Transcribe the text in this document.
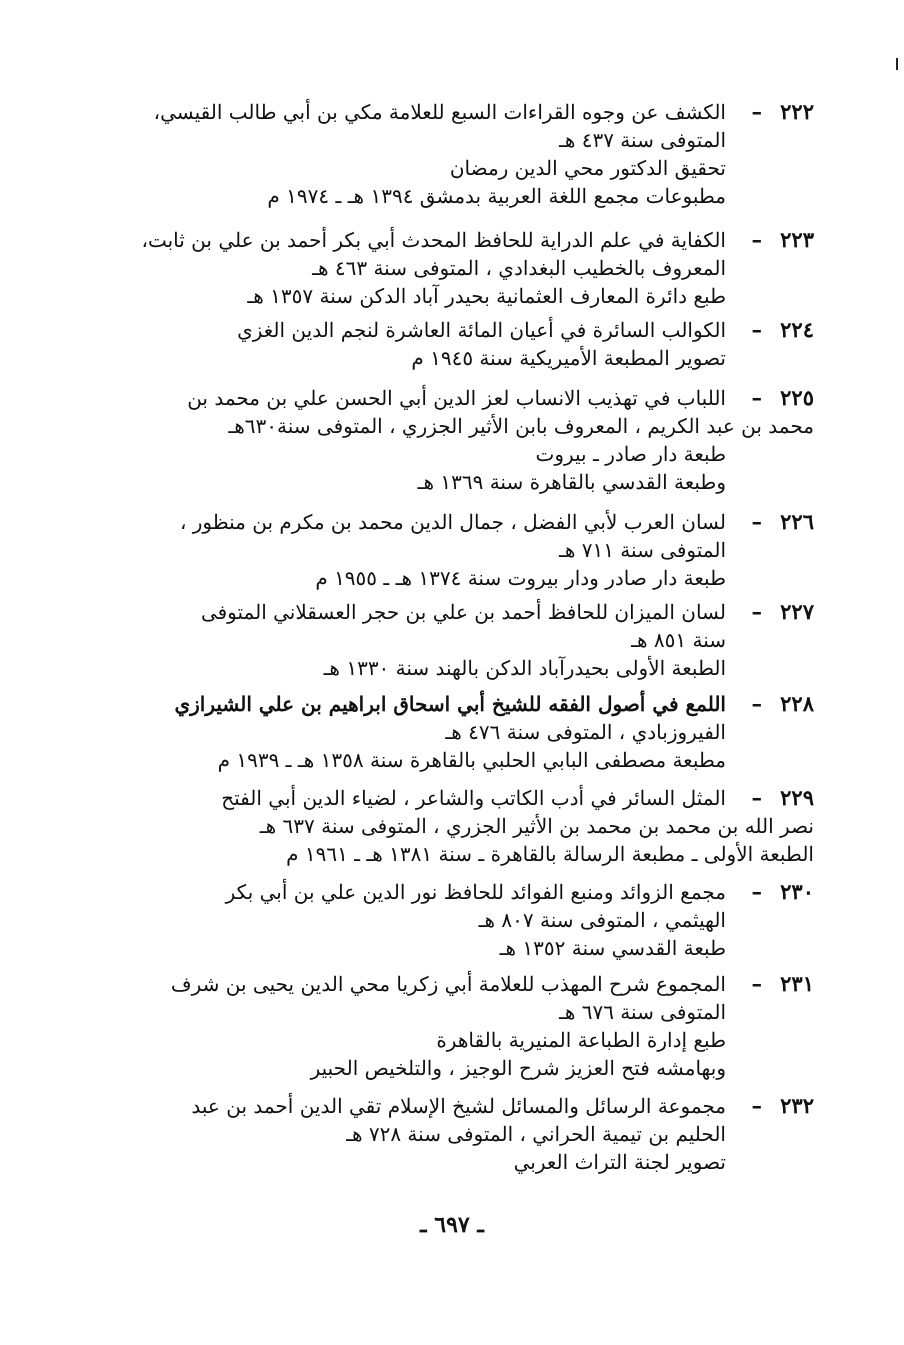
٢٢٢
–
الكشف عن وجوه القراءات السبع للعلامة مكي بن أبي طالب القيسي،
المتوفى سنة ٤٣٧ هـ
تحقيق الدكتور محي الدين رمضان
مطبوعات مجمع اللغة العربية بدمشق ١٣٩٤ هـ ـ ١٩٧٤ م
٢٢٣
–
الكفاية في علم الدراية للحافظ المحدث أبي بكر أحمد بن علي بن ثابت،
المعروف بالخطيب البغدادي ، المتوفى سنة ٤٦٣ هـ
طبع دائرة المعارف العثمانية بحيدر آباد الدكن سنة ١٣٥٧ هـ
٢٢٤
–
الكوالب السائرة في أعيان المائة العاشرة لنجم الدين الغزي
تصوير المطبعة الأميريكية سنة ١٩٤٥ م
٢٢٥
–
اللباب في تهذيب الانساب لعز الدين أبي الحسن علي بن محمد بن
محمد بن عبد الكريم ، المعروف بابن الأثير الجزري ، المتوفى سنة٦٣٠هـ
طبعة دار صادر ـ بيروت
وطبعة القدسي بالقاهرة سنة ١٣٦٩ هـ
٢٢٦
–
لسان العرب لأبي الفضل ، جمال الدين محمد بن مكرم بن منظور ،
المتوفى سنة ٧١١ هـ
طبعة دار صادر ودار بيروت سنة ١٣٧٤ هـ ـ ١٩٥٥ م
٢٢٧
–
لسان الميزان للحافظ أحمد بن علي بن حجر العسقلاني المتوفى
سنة ٨٥١ هـ
الطبعة الأولى بحيدرآباد الدكن بالهند سنة ١٣٣٠ هـ
٢٢٨
–
اللمع في أصول الفقه للشيخ أبي اسحاق ابراهيم بن علي الشيرازي
الفيروزبادي ، المتوفى سنة ٤٧٦ هـ
مطبعة مصطفى البابي الحلبي بالقاهرة سنة ١٣٥٨ هـ ـ ١٩٣٩ م
٢٢٩
–
المثل السائر في أدب الكاتب والشاعر ، لضياء الدين أبي الفتح
نصر الله بن محمد بن محمد بن الأثير الجزري ، المتوفى سنة ٦٣٧ هـ
الطبعة الأولى ـ مطبعة الرسالة بالقاهرة ـ سنة ١٣٨١ هـ ـ ١٩٦١ م
٢٣٠
–
مجمع الزوائد ومنبع الفوائد للحافظ نور الدين علي بن أبي بكر
الهيثمي ، المتوفى سنة ٨٠٧ هـ
طبعة القدسي سنة ١٣٥٢ هـ
٢٣١
–
المجموع شرح المهذب للعلامة أبي زكريا محي الدين يحيى بن شرف
المتوفى سنة ٦٧٦ هـ
طبع إدارة الطباعة المنيرية بالقاهرة
وبهامشه فتح العزيز شرح الوجيز ، والتلخيص الحبير
٢٣٢
–
مجموعة الرسائل والمسائل لشيخ الإسلام تقي الدين أحمد بن عبد
الحليم بن تيمية الحراني ، المتوفى سنة ٧٢٨ هـ
تصوير لجنة التراث العربي
ـ ٦٩٧ ـ
